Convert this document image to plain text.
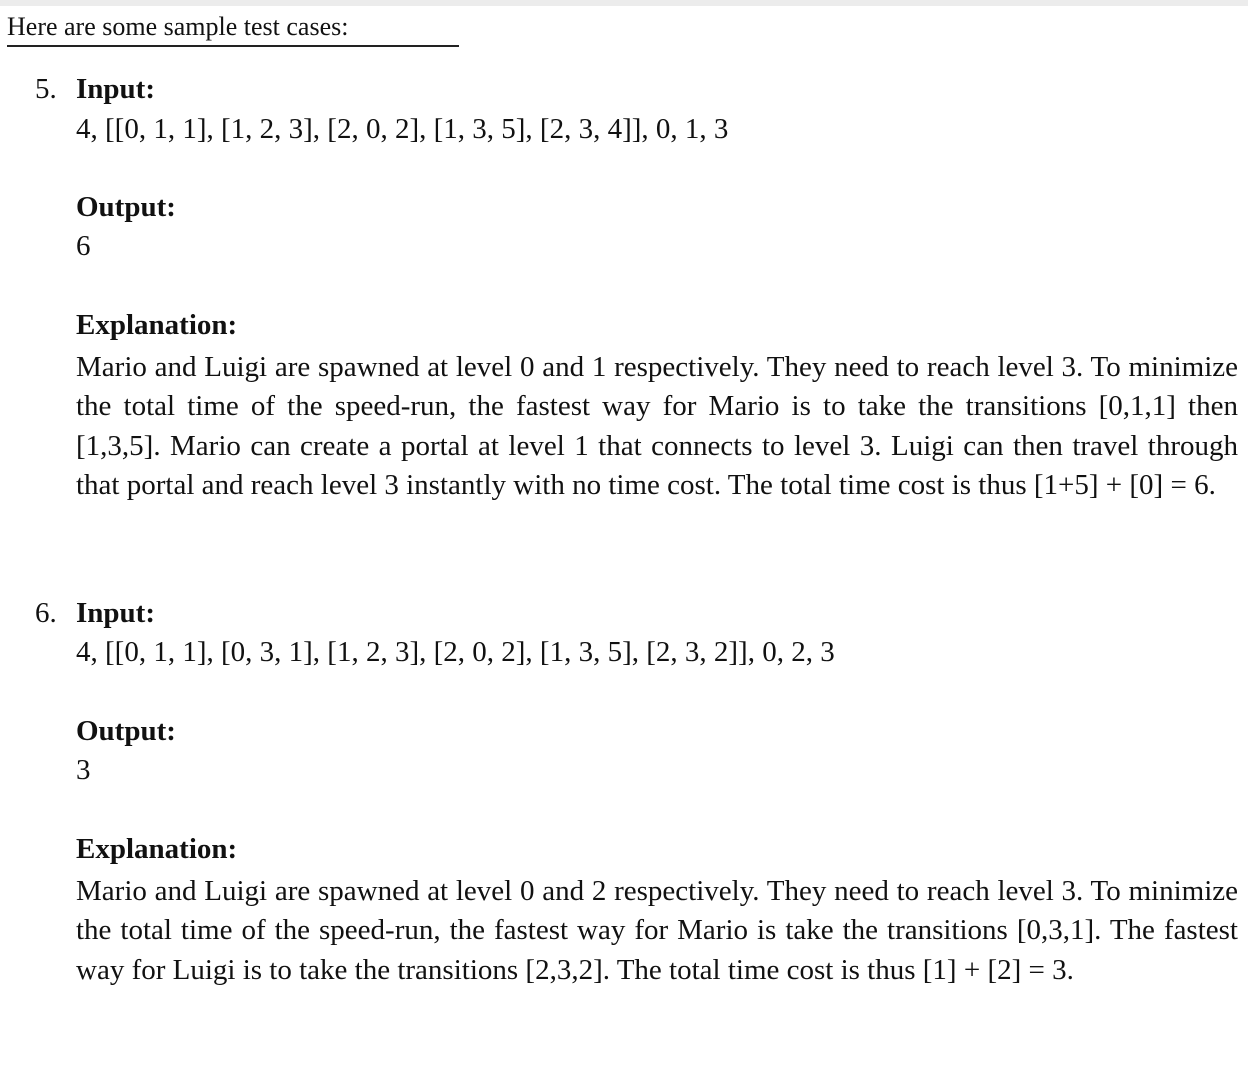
Here are some sample test cases:
5. Input:
4, [[0, 1, 1], [1, 2, 3], [2, 0, 2], [1, 3, 5], [2, 3, 4]], 0, 1, 3
Output:
6
Explanation:
Mario and Luigi are spawned at level 0 and 1 respectively. They need to reach level 3. To minimize the total time of the speed-run, the fastest way for Mario is to take the transitions [0,1,1] then [1,3,5]. Mario can create a portal at level 1 that connects to level 3. Luigi can then travel through that portal and reach level 3 instantly with no time cost. The total time cost is thus [1+5] + [0] = 6.
6. Input:
4, [[0, 1, 1], [0, 3, 1], [1, 2, 3], [2, 0, 2], [1, 3, 5], [2, 3, 2]], 0, 2, 3
Output:
3
Explanation:
Mario and Luigi are spawned at level 0 and 2 respectively. They need to reach level 3. To minimize the total time of the speed-run, the fastest way for Mario is take the transitions [0,3,1]. The fastest way for Luigi is to take the transitions [2,3,2]. The total time cost is thus [1] + [2] = 3.
